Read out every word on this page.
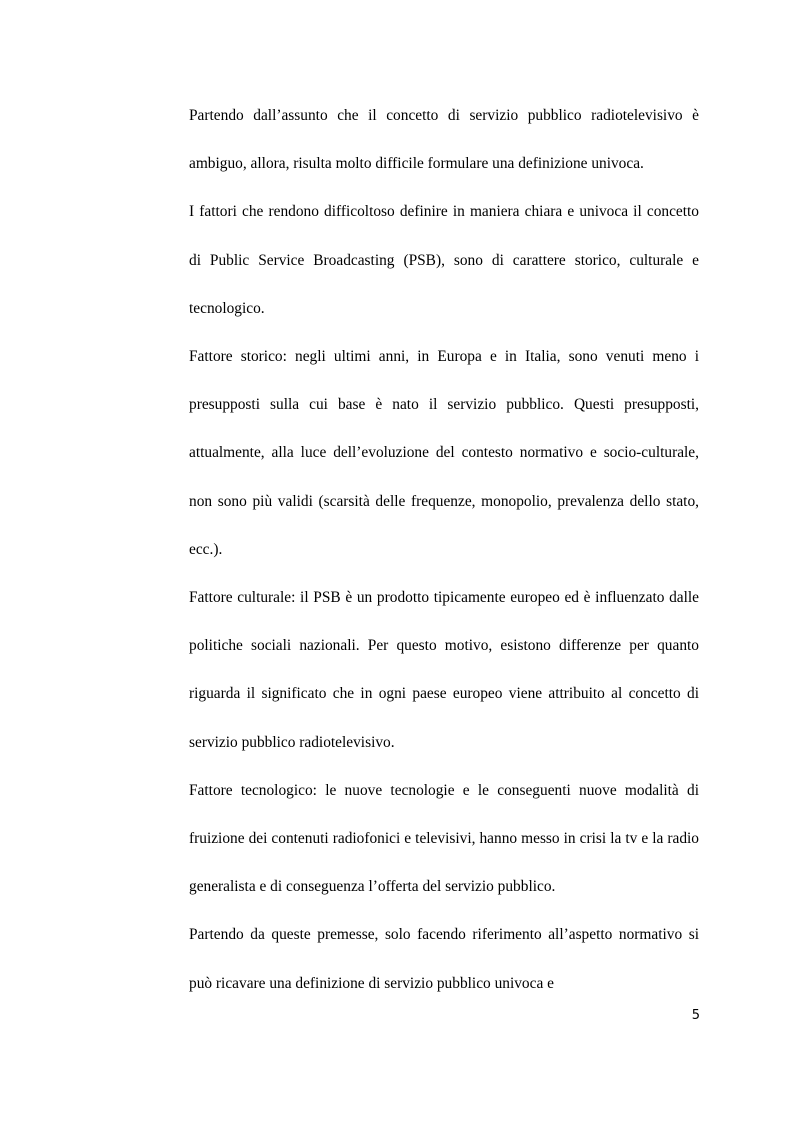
Partendo dall’assunto che il concetto di servizio pubblico radiotelevisivo è ambiguo, allora, risulta molto difficile formulare una definizione univoca.

I fattori che rendono difficoltoso definire in maniera chiara e univoca il concetto di Public Service Broadcasting (PSB), sono di carattere storico, culturale e tecnologico.

Fattore storico: negli ultimi anni, in Europa e in Italia, sono venuti meno i presupposti sulla cui base è nato il servizio pubblico. Questi presupposti, attualmente, alla luce dell’evoluzione del contesto normativo e socio-culturale, non sono più validi (scarsità delle frequenze, monopolio, prevalenza dello stato, ecc.).

Fattore culturale: il PSB è un prodotto tipicamente europeo ed è influenzato dalle politiche sociali nazionali. Per questo motivo, esistono differenze per quanto riguarda il significato che in ogni paese europeo viene attribuito al concetto di servizio pubblico radiotelevisivo.

Fattore tecnologico: le nuove tecnologie e le conseguenti nuove modalità di fruizione dei contenuti radiofonici e televisivi, hanno messo in crisi la tv e la radio generalista e di conseguenza l’offerta del servizio pubblico.

Partendo da queste premesse, solo facendo riferimento all’aspetto normativo si può ricavare una definizione di servizio pubblico univoca e

5
